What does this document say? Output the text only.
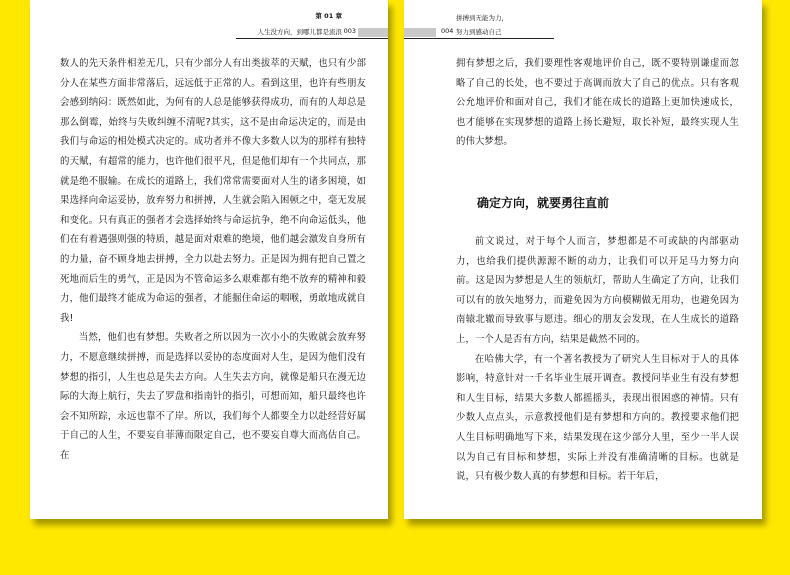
第 01 章
人生没方向，到哪儿都是流浪 003

数人的先天条件相差无几，只有少部分人有出类拔萃的天赋，也只有少部分人在某些方面非常落后，远远低于正常的人。看到这里，也许有些朋友会感到纳闷：既然如此，为何有的人总是能够获得成功，而有的人却总是那么倒霉，始终与失败纠缠不清呢?其实，这不是由命运决定的，而是由我们与命运的相处模式决定的。成功者并不像大多数人以为的那样有独特的天赋，有超常的能力，也许他们很平凡，但是他们却有一个共同点，那就是绝不服输。在成长的道路上，我们常常需要面对人生的诸多困境，如果选择向命运妥协，放弃努力和拼搏，人生就会陷入困顿之中，毫无发展和变化。只有真正的强者才会选择始终与命运抗争，绝不向命运低头，他们在有着遇强则强的特质，越是面对艰难的绝境，他们越会激发自身所有的力量，奋不顾身地去拼搏，全力以赴去努力。正是因为拥有把自己置之死地而后生的勇气，正是因为不管命运多么艰难都有绝不放弃的精神和毅力，他们最终才能成为命运的强者，才能掘住命运的咽喉，勇敢地成就自我!

当然，他们也有梦想。失败者之所以因为一次小小的失败就会放弃努力，不愿意继续拼搏，而是选择以妥协的态度面对人生，是因为他们没有梦想的指引，人生也总是失去方向。人生失去方向，就像是船只在漫无边际的大海上航行，失去了罗盘和指南针的指引，可想而知，船只最终也许会不知所踪，永远也靠不了岸。所以，我们每个人都要全力以赴经营好属于自己的人生，不要妄自菲薄而限定自己，也不要妄自尊大而高估自己。在

拼搏到无能为力，
004 努力到感动自己

拥有梦想之后，我们要理性客观地评价自己，既不要特别谦虚而忽略了自己的长处，也不要过于高调而放大了自己的优点。只有客观公允地评价和面对自己，我们才能在成长的道路上更加快速成长，也才能够在实现梦想的道路上扬长避短，取长补短，最终实现人生的伟大梦想。

确定方向，就要勇往直前

前文说过，对于每个人而言，梦想都是不可或缺的内部驱动力，也给我们提供源源不断的动力，让我们可以开足马力努力向前。这是因为梦想是人生的领航灯，帮助人生确定了方向，让我们可以有的放矢地努力，而避免因为方向模糊做无用功，也避免因为南辕北辙而导致事与愿违。细心的朋友会发现，在人生成长的道路上，一个人是否有方向，结果是截然不同的。

在哈佛大学，有一个著名教授为了研究人生目标对于人的具体影响，特意针对一千名毕业生展开调查。教授问毕业生有没有梦想和人生目标，结果大多数人都摇摇头，表现出很困惑的神情。只有少数人点点头，示意教授他们是有梦想和方向的。教授要求他们把人生目标明确地写下来，结果发现在这少部分人里，至少一半人误以为自己有目标和梦想，实际上并没有准确清晰的目标。也就是说，只有极少数人真的有梦想和目标。若干年后，
